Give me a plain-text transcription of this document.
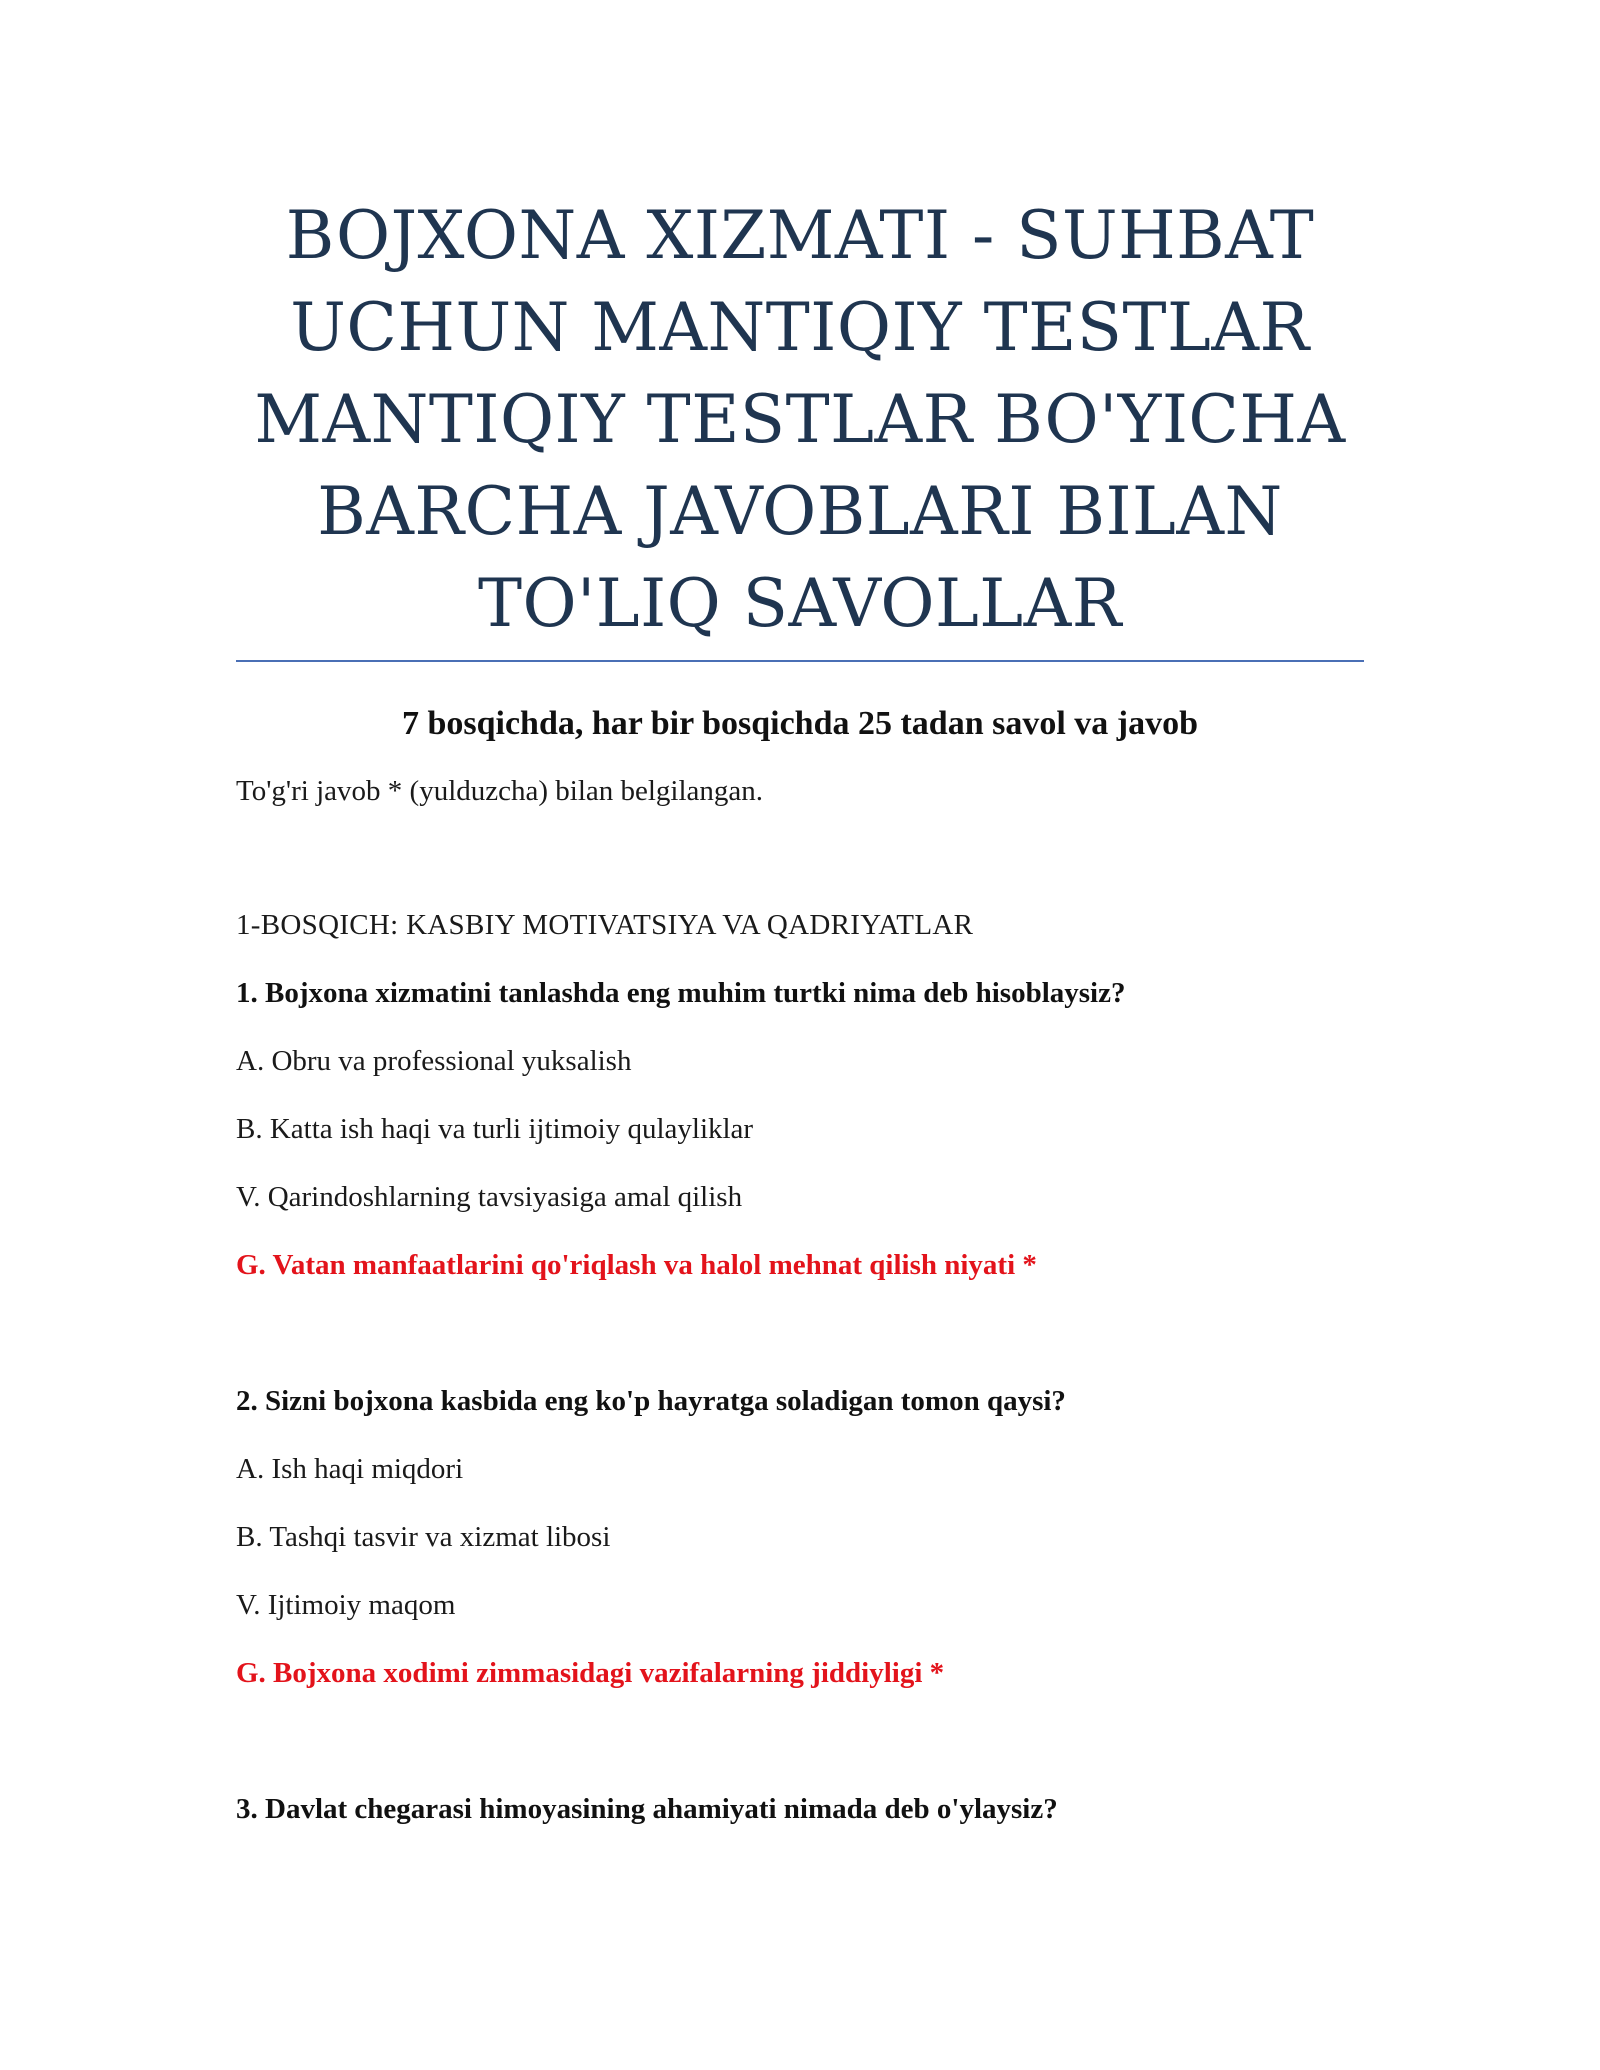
BOJXONA XIZMATI - SUHBAT
UCHUN MANTIQIY TESTLAR
MANTIQIY TESTLAR BO'YICHA
BARCHA JAVOBLARI BILAN
TO'LIQ SAVOLLAR

7 bosqichda, har bir bosqichda 25 tadan savol va javob

To'g'ri javob * (yulduzcha) bilan belgilangan.

1-BOSQICH: KASBIY MOTIVATSIYA VA QADRIYATLAR

1. Bojxona xizmatini tanlashda eng muhim turtki nima deb hisoblaysiz?

A. Obru va professional yuksalish

B. Katta ish haqi va turli ijtimoiy qulayliklar

V. Qarindoshlarning tavsiyasiga amal qilish

G. Vatan manfaatlarini qo'riqlash va halol mehnat qilish niyati *

2. Sizni bojxona kasbida eng ko'p hayratga soladigan tomon qaysi?

A. Ish haqi miqdori

B. Tashqi tasvir va xizmat libosi

V. Ijtimoiy maqom

G. Bojxona xodimi zimmasidagi vazifalarning jiddiyligi *

3. Davlat chegarasi himoyasining ahamiyati nimada deb o'ylaysiz?
